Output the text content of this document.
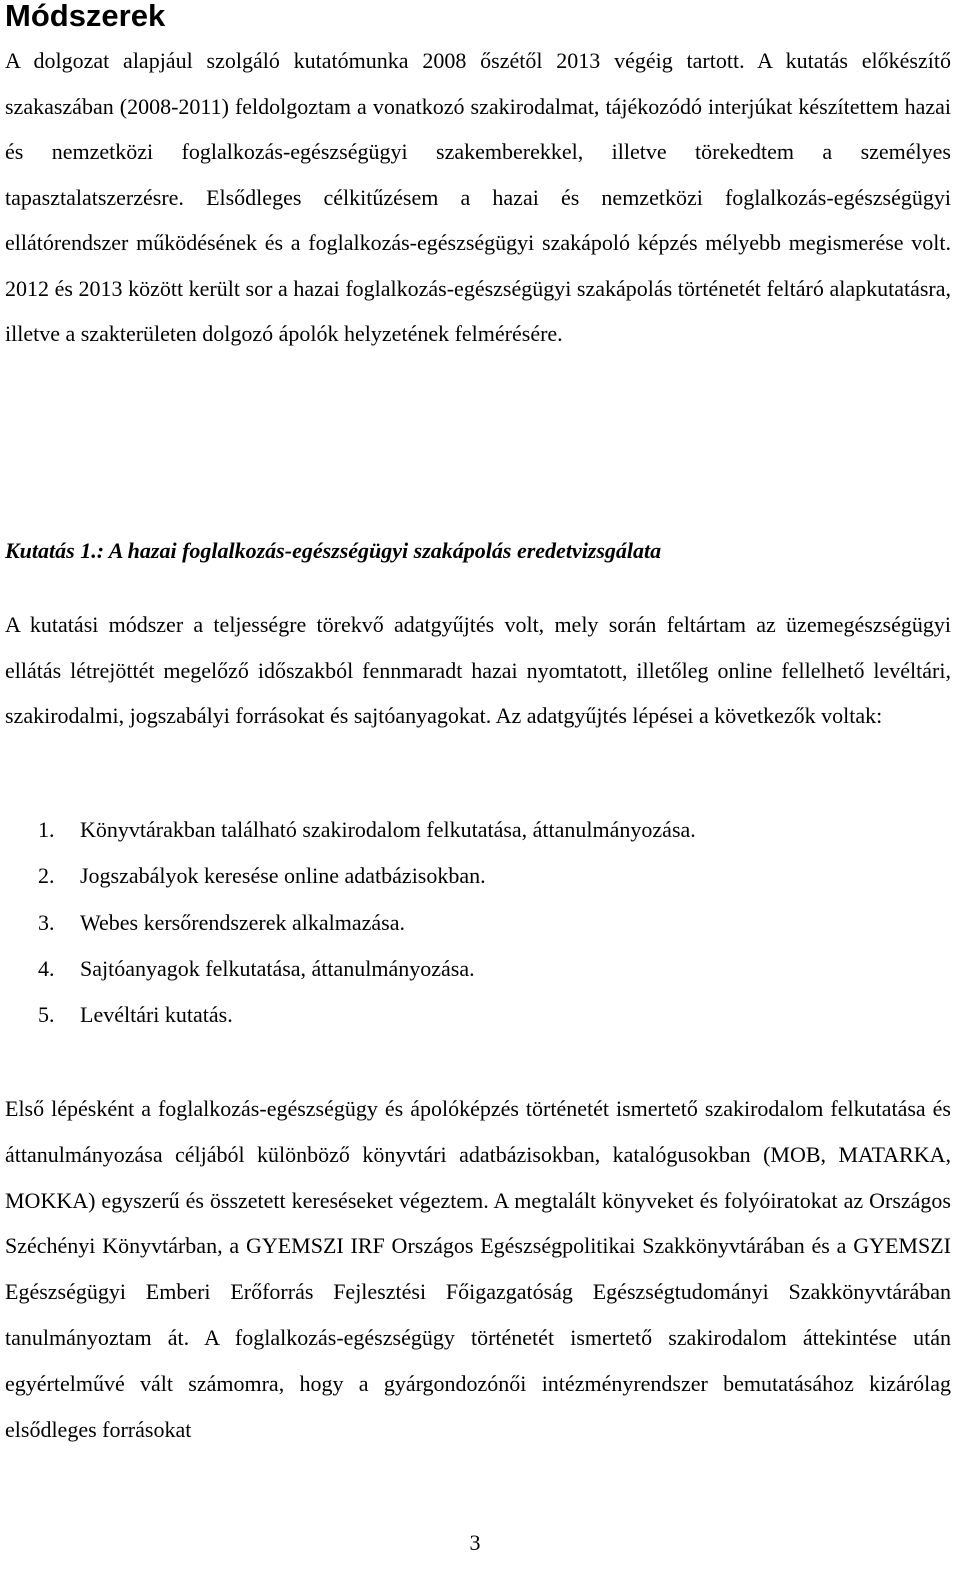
Módszerek

A dolgozat alapjául szolgáló kutatómunka 2008 őszétől 2013 végéig tartott. A kutatás előkészítő szakaszában (2008-2011) feldolgoztam a vonatkozó szakirodalmat, tájékozódó interjúkat készítettem hazai és nemzetközi foglalkozás-egészségügyi szakemberekkel, illetve törekedtem a személyes tapasztalatszerzésre. Elsődleges célkitűzésem a hazai és nemzetközi foglalkozás-egészségügyi ellátórendszer működésének és a foglalkozás-egészségügyi szakápoló képzés mélyebb megismerése volt. 2012 és 2013 között került sor a hazai foglalkozás-egészségügyi szakápolás történetét feltáró alapkutatásra, illetve a szakterületen dolgozó ápolók helyzetének felmérésére.

Kutatás 1.: A hazai foglalkozás-egészségügyi szakápolás eredetvizsgálata

A kutatási módszer a teljességre törekvő adatgyűjtés volt, mely során feltártam az üzemegészségügyi ellátás létrejöttét megelőző időszakból fennmaradt hazai nyomtatott, illetőleg online fellelhető levéltári, szakirodalmi, jogszabályi forrásokat és sajtóanyagokat. Az adatgyűjtés lépései a következők voltak:

1. Könyvtárakban található szakirodalom felkutatása, áttanulmányozása.
2. Jogszabályok keresése online adatbázisokban.
3. Webes kersőrendszerek alkalmazása.
4. Sajtóanyagok felkutatása, áttanulmányozása.
5. Levéltári kutatás.

Első lépésként a foglalkozás-egészségügy és ápolóképzés történetét ismertető szakirodalom felkutatása és áttanulmányozása céljából különböző könyvtári adatbázisokban, katalógusokban (MOB, MATARKA, MOKKA) egyszerű és összetett kereséseket végeztem. A megtalált könyveket és folyóiratokat az Országos Széchényi Könyvtárban, a GYEMSZI IRF Országos Egészségpolitikai Szakkönyvtárában és a GYEMSZI Egészségügyi Emberi Erőforrás Fejlesztési Főigazgatóság Egészségtudományi Szakkönyvtárában tanulmányoztam át. A foglalkozás-egészségügy történetét ismertető szakirodalom áttekintése után egyértelművé vált számomra, hogy a gyárgondozónői intézményrendszer bemutatásához kizárólag elsődleges forrásokat

3
